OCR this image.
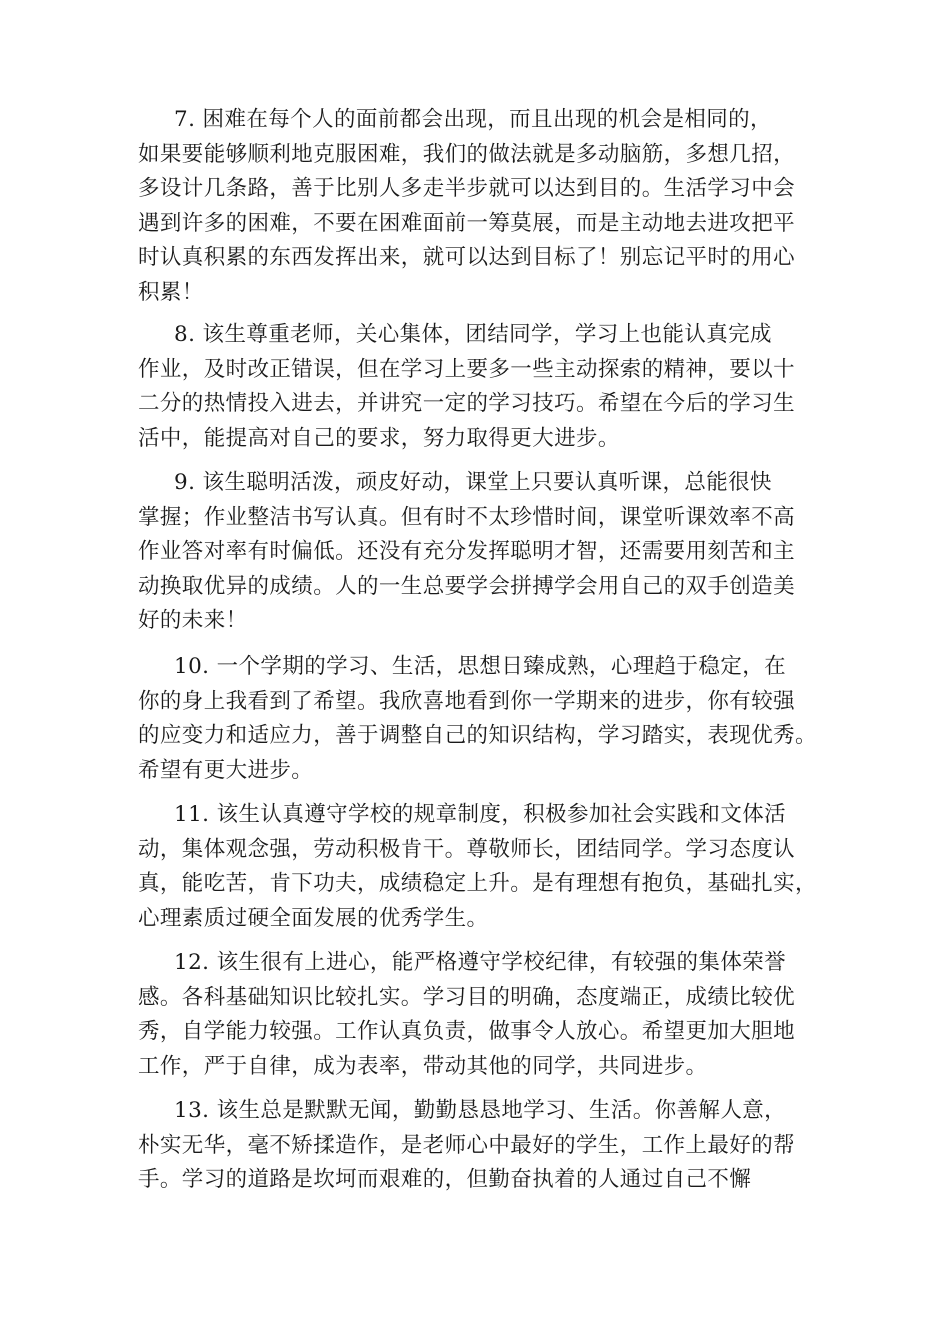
7. 困难在每个人的面前都会出现，而且出现的机会是相同的，
如果要能够顺利地克服困难，我们的做法就是多动脑筋，多想几招，
多设计几条路，善于比别人多走半步就可以达到目的。生活学习中会
遇到许多的困难，不要在困难面前一筹莫展，而是主动地去进攻把平
时认真积累的东西发挥出来，就可以达到目标了！别忘记平时的用心
积累！
8. 该生尊重老师，关心集体，团结同学，学习上也能认真完成
作业，及时改正错误，但在学习上要多一些主动探索的精神，要以十
二分的热情投入进去，并讲究一定的学习技巧。希望在今后的学习生
活中，能提高对自己的要求，努力取得更大进步。
9. 该生聪明活泼，顽皮好动，课堂上只要认真听课，总能很快
掌握；作业整洁书写认真。但有时不太珍惜时间，课堂听课效率不高
作业答对率有时偏低。还没有充分发挥聪明才智，还需要用刻苦和主
动换取优异的成绩。人的一生总要学会拼搏学会用自己的双手创造美
好的未来！
10. 一个学期的学习、生活，思想日臻成熟，心理趋于稳定，在
你的身上我看到了希望。我欣喜地看到你一学期来的进步，你有较强
的应变力和适应力，善于调整自己的知识结构，学习踏实，表现优秀。
希望有更大进步。
11. 该生认真遵守学校的规章制度，积极参加社会实践和文体活
动，集体观念强，劳动积极肯干。尊敬师长，团结同学。学习态度认
真，能吃苦，肯下功夫，成绩稳定上升。是有理想有抱负，基础扎实，
心理素质过硬全面发展的优秀学生。
12. 该生很有上进心，能严格遵守学校纪律，有较强的集体荣誉
感。各科基础知识比较扎实。学习目的明确，态度端正，成绩比较优
秀，自学能力较强。工作认真负责，做事令人放心。希望更加大胆地
工作，严于自律，成为表率，带动其他的同学，共同进步。
13. 该生总是默默无闻，勤勤恳恳地学习、生活。你善解人意，
朴实无华，毫不矫揉造作，是老师心中最好的学生，工作上最好的帮
手。学习的道路是坎坷而艰难的，但勤奋执着的人通过自己不懈
